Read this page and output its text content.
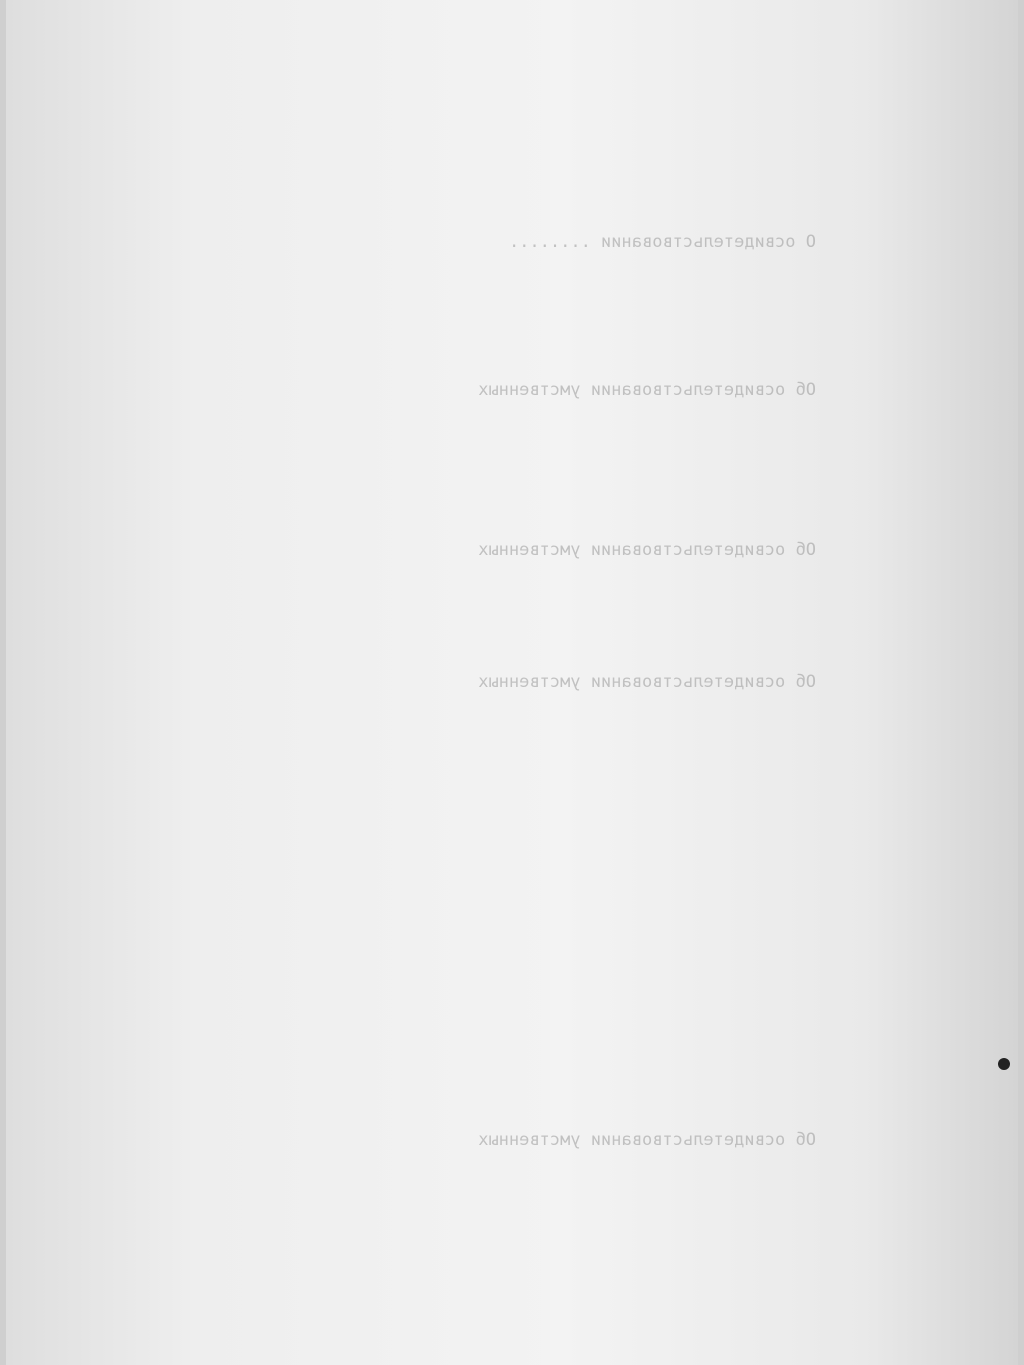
О освидетельствовании ........
Об освидетельствовании умственных
Об освидетельствовании умственных
Об освидетельствовании умственных
Об освидетельствовании умственных
